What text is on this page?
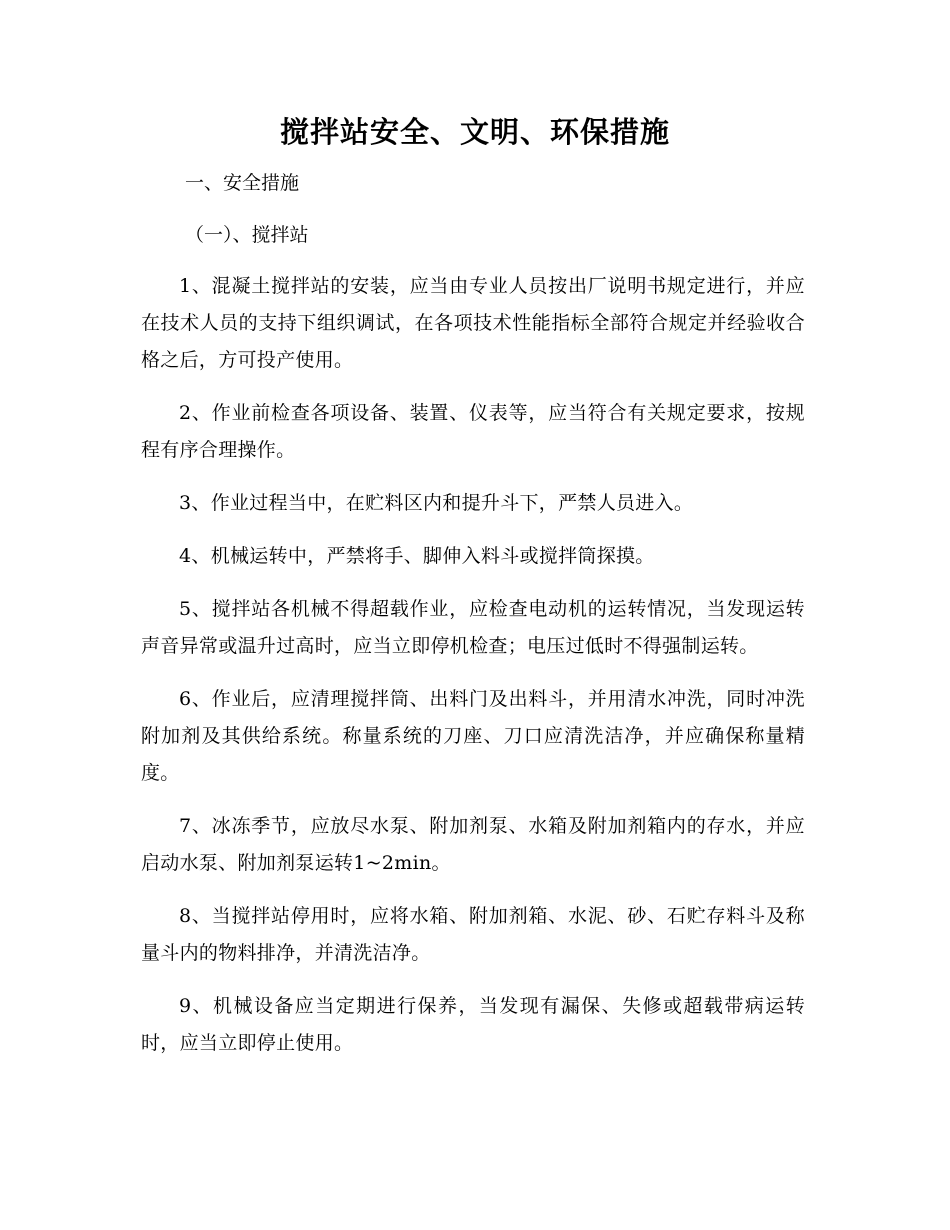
搅拌站安全、文明、环保措施

一、安全措施

（一）、搅拌站

1、混凝土搅拌站的安装，应当由专业人员按出厂说明书规定进行，并应在技术人员的支持下组织调试，在各项技术性能指标全部符合规定并经验收合格之后，方可投产使用。

2、作业前检查各项设备、装置、仪表等，应当符合有关规定要求，按规程有序合理操作。

3、作业过程当中，在贮料区内和提升斗下，严禁人员进入。

4、机械运转中，严禁将手、脚伸入料斗或搅拌筒探摸。

5、搅拌站各机械不得超载作业，应检查电动机的运转情况，当发现运转声音异常或温升过高时，应当立即停机检查；电压过低时不得强制运转。

6、作业后，应清理搅拌筒、出料门及出料斗，并用清水冲洗，同时冲洗附加剂及其供给系统。称量系统的刀座、刀口应清洗洁净，并应确保称量精度。

7、冰冻季节，应放尽水泵、附加剂泵、水箱及附加剂箱内的存水，并应启动水泵、附加剂泵运转1~2min。

8、当搅拌站停用时，应将水箱、附加剂箱、水泥、砂、石贮存料斗及称量斗内的物料排净，并清洗洁净。

9、机械设备应当定期进行保养，当发现有漏保、失修或超载带病运转时，应当立即停止使用。
